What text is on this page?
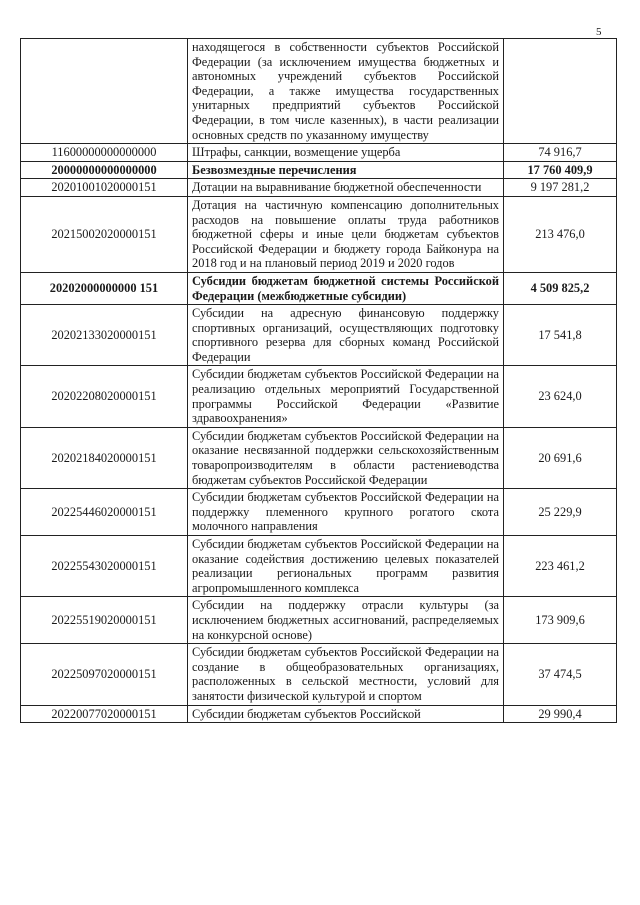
5
	находящегося в собственности субъектов Российской Федерации (за исключением имущества бюджетных и автономных учреждений субъектов Российской Федерации, а также имущества государственных унитарных предприятий субъектов Российской Федерации, в том числе казенных), в части реализации основных средств по указанному имуществу	
11600000000000000	Штрафы, санкции, возмещение ущерба	74 916,7
20000000000000000	Безвозмездные перечисления	17 760 409,9
20201001020000151	Дотации на выравнивание бюджетной обеспеченности	9 197 281,2
20215002020000151	Дотация на частичную компенсацию дополнительных расходов на повышение оплаты труда работников бюджетной сферы и иные цели бюджетам субъектов Российской Федерации и бюджету города Байконура на 2018 год и на плановый период 2019 и 2020 годов	213 476,0
20202000000000 151	Субсидии бюджетам бюджетной системы Российской Федерации (межбюджетные субсидии)	4 509 825,2
20202133020000151	Субсидии на адресную финансовую поддержку спортивных организаций, осуществляющих подготовку спортивного резерва для сборных команд Российской Федерации	17 541,8
20202208020000151	Субсидии бюджетам субъектов Российской Федерации на реализацию отдельных мероприятий Государственной программы Российской Федерации «Развитие здравоохранения»	23 624,0
20202184020000151	Субсидии бюджетам субъектов Российской Федерации на оказание несвязанной поддержки сельскохозяйственным товаропроизводителям в области растениеводства бюджетам субъектов Российской Федерации	20 691,6
20225446020000151	Субсидии бюджетам субъектов Российской Федерации на поддержку племенного крупного рогатого скота молочного направления	25 229,9
20225543020000151	Субсидии бюджетам субъектов Российской Федерации на оказание содействия достижению целевых показателей реализации региональных программ развития агропромышленного комплекса	223 461,2
20225519020000151	Субсидии на поддержку отрасли культуры (за исключением бюджетных ассигнований, распределяемых на конкурсной основе)	173 909,6
20225097020000151	Субсидии бюджетам субъектов Российской Федерации на создание в общеобразовательных организациях, расположенных в сельской местности, условий для занятости физической культурой и спортом	37 474,5
20220077020000151	Субсидии бюджетам субъектов Российской	29 990,4
